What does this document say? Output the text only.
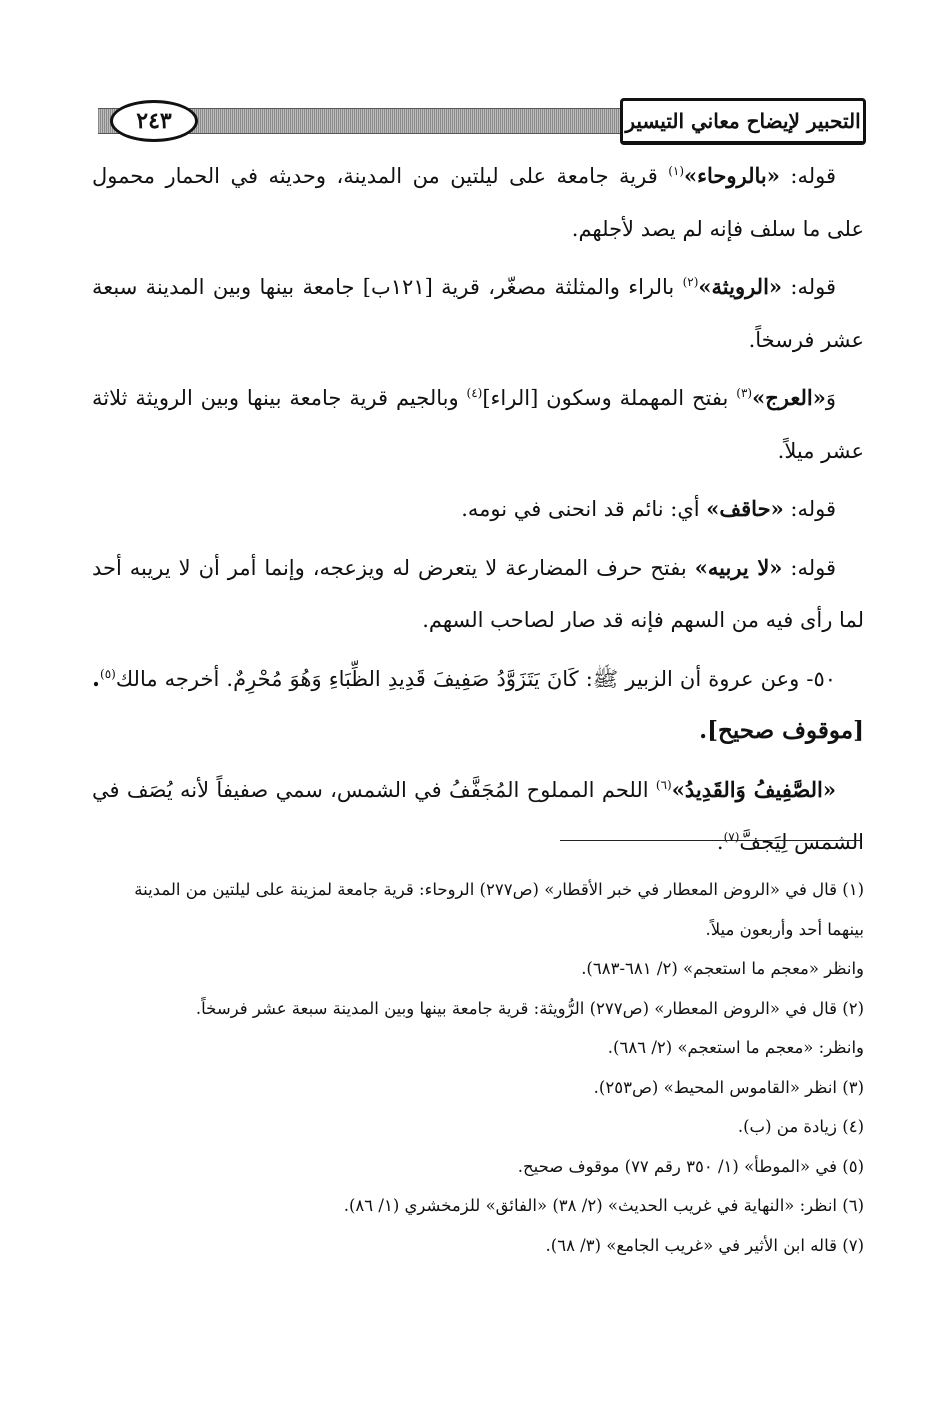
٢٤٣	التحبير لإيضاح معاني التيسير

قوله: «بالروحاء»$^{(١)}$ قرية جامعة على ليلتين من المدينة، وحديثه في الحمار محمول على ما سلف فإنه لم يصد لأجلهم.

قوله: «الرويثة»$^{(٢)}$ بالراء والمثلثة مصغّر، قرية [١٢١ب] جامعة بينها وبين المدينة سبعة عشر فرسخاً.

وَ«العرج»$^{(٣)}$ بفتح المهملة وسكون [الراء]$^{(٤)}$ وبالجيم قرية جامعة بينها وبين الرويثة ثلاثة عشر ميلاً.

قوله: «حاقف» أي: نائم قد انحنى في نومه.

قوله: «لا يربيه» بفتح حرف المضارعة لا يتعرض له ويزعجه، وإنما أمر أن لا يريبه أحد لما رأى فيه من السهم فإنه قد صار لصاحب السهم.

٥٠- وعن عروة أن الزبير ﷺ: كَانَ يَتَزَوَّدُ صَفِيفَ قَدِيدِ الظِّبَاءِ وَهُوَ مُحْرِمٌ. أخرجه مالك$^{(٥)}$. [موقوف صحيح].

«الصَّفِيفُ وَالقَدِيدُ»$^{(٦)}$ اللحم المملوح المُجَفَّفُ في الشمس، سمي صفيفاً لأنه يُصَف في الشمس لِيَجفَّ$^{(٧)}$.

(١) قال في «الروض المعطار في خبر الأقطار» (ص٢٧٧) الروحاء: قرية جامعة لمزينة على ليلتين من المدينة

بينهما أحد وأربعون ميلاً.

وانظر «معجم ما استعجم» (٢/ ٦٨١-٦٨٣).

(٢) قال في «الروض المعطار» (ص٢٧٧) الرُّويثة: قرية جامعة بينها وبين المدينة سبعة عشر فرسخاً.

وانظر: «معجم ما استعجم» (٢/ ٦٨٦).

(٣) انظر «القاموس المحيط» (ص٢٥٣).

(٤) زيادة من (ب).

(٥) في «الموطأ» (١/ ٣٥٠ رقم ٧٧) موقوف صحيح.

(٦) انظر: «النهاية في غريب الحديث» (٢/ ٣٨) «الفائق» للزمخشري (١/ ٨٦).

(٧) قاله ابن الأثير في «غريب الجامع» (٣/ ٦٨).
